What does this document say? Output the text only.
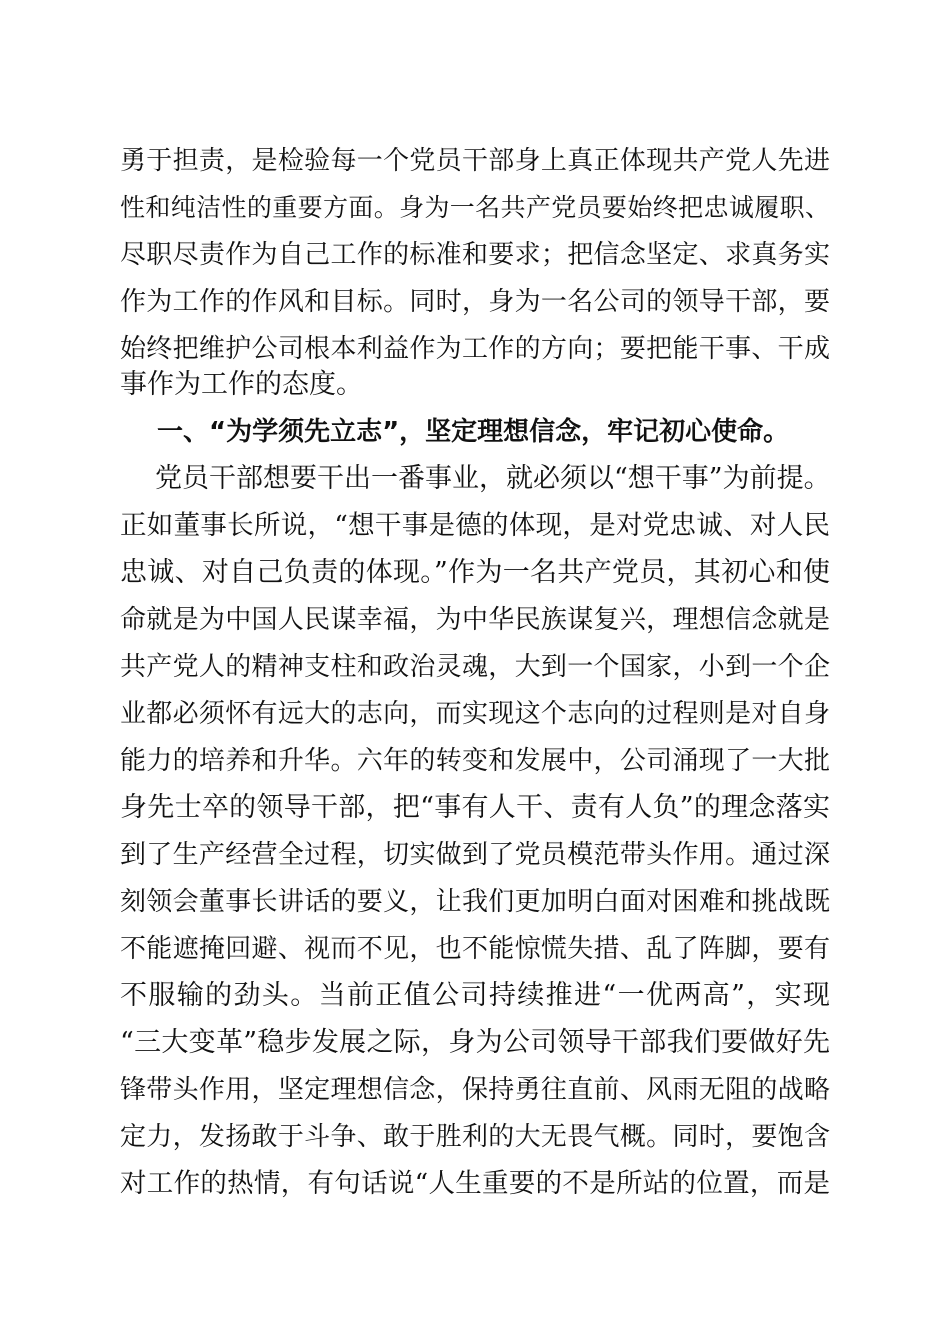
勇于担责，是检验每一个党员干部身上真正体现共产党人先进
性和纯洁性的重要方面。身为一名共产党员要始终把忠诚履职、
尽职尽责作为自己工作的标准和要求；把信念坚定、求真务实
作为工作的作风和目标。同时，身为一名公司的领导干部，要
始终把维护公司根本利益作为工作的方向；要把能干事、干成
事作为工作的态度。
一、“为学须先立志”，坚定理想信念，牢记初心使命。
党员干部想要干出一番事业，就必须以“想干事”为前提。
正如董事长所说，“想干事是德的体现，是对党忠诚、对人民
忠诚、对自己负责的体现。”作为一名共产党员，其初心和使
命就是为中国人民谋幸福，为中华民族谋复兴，理想信念就是
共产党人的精神支柱和政治灵魂，大到一个国家，小到一个企
业都必须怀有远大的志向，而实现这个志向的过程则是对自身
能力的培养和升华。六年的转变和发展中，公司涌现了一大批
身先士卒的领导干部，把“事有人干、责有人负”的理念落实
到了生产经营全过程，切实做到了党员模范带头作用。通过深
刻领会董事长讲话的要义，让我们更加明白面对困难和挑战既
不能遮掩回避、视而不见，也不能惊慌失措、乱了阵脚，要有
不服输的劲头。当前正值公司持续推进“一优两高”，实现
“三大变革”稳步发展之际，身为公司领导干部我们要做好先
锋带头作用，坚定理想信念，保持勇往直前、风雨无阻的战略
定力，发扬敢于斗争、敢于胜利的大无畏气概。同时，要饱含
对工作的热情，有句话说“人生重要的不是所站的位置，而是
